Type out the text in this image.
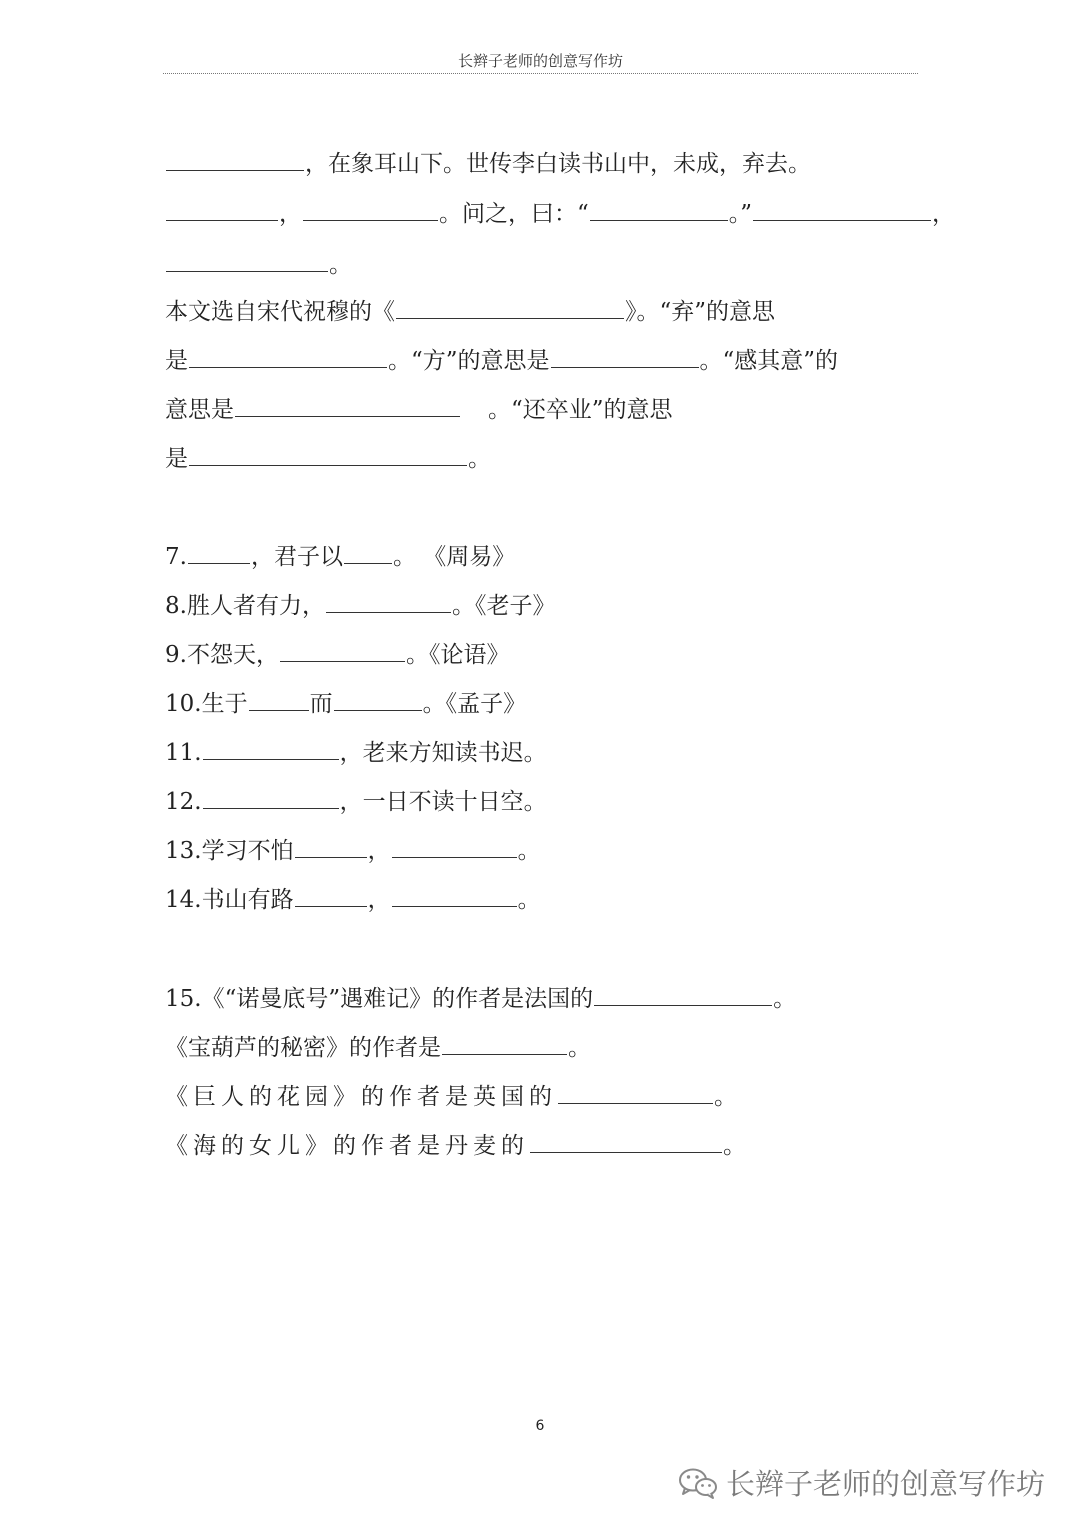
长辫子老师的创意写作坊
，在象耳山下。世传李白读书山中，未成，弃去。
，	。问之，曰：“	。”	，
。
本文选自宋代祝穆的《	》。“弃”的意思
是	。“方”的意思是	。“感其意”的
意思是	。“还卒业”的意思
是	。
7.	，君子以 。 《周易》
8.胜人者有力，	。《老子》
9.不怨天，	。《论语》
10.生于	而	。《孟子》
11.	，老来方知读书迟。
12.	，一日不读十日空。
13.学习不怕	，	。
14.书山有路	，	。
15.《“诺曼底号”遇难记》的作者是法国的	。
《宝葫芦的秘密》的作者是	。
《巨人的花园》的作者是英国的	。
《海的女儿》的作者是丹麦的	。
6
长辫子老师的创意写作坊
